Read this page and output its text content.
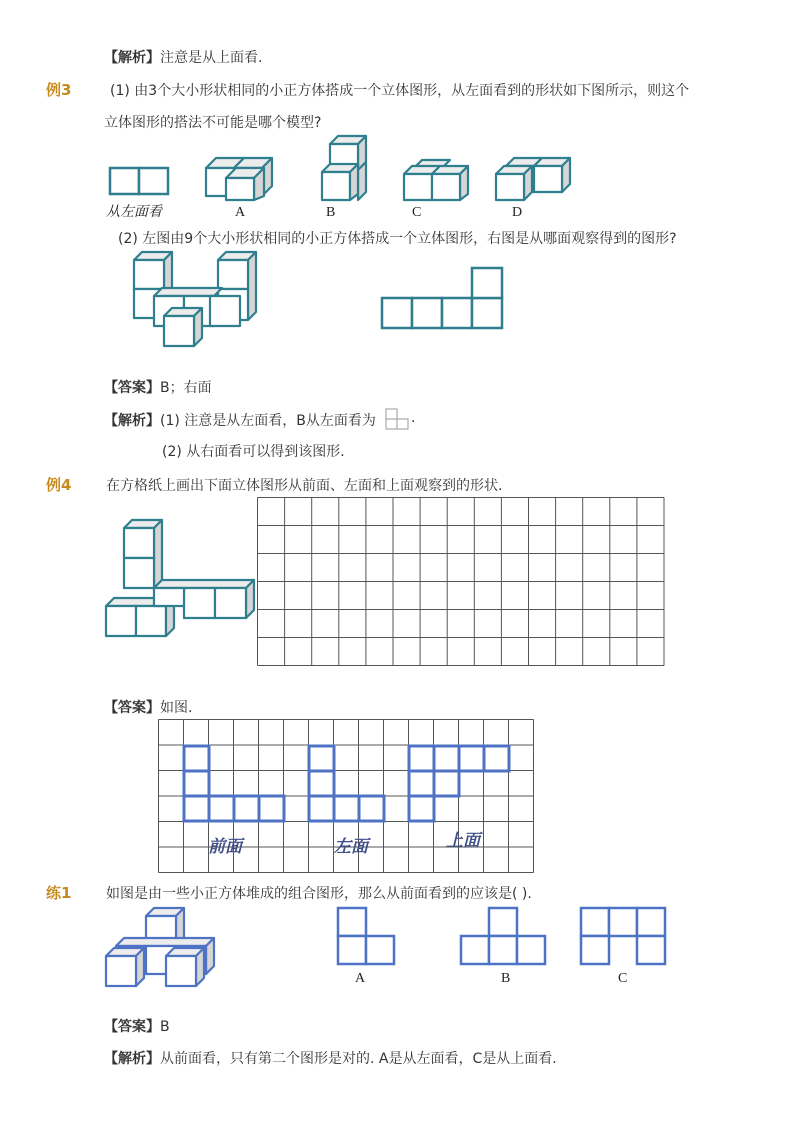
【解析】注意是从上面看.
例3	(1) 由3个大小形状相同的小正方体搭成一个立体图形，从左面看到的形状如下图所示，则这个
立体图形的搭法不可能是哪个模型?
从左面看	A	B	C	D
(2) 左图由9个大小形状相同的小正方体搭成一个立体图形，右图是从哪面观察得到的图形?
【答案】B；右面
【解析】(1) 注意是从左面看，B从左面看为	.
(2) 从右面看可以得到该图形.
例4 在方格纸上画出下面立体图形从前面、左面和上面观察到的形状.
【答案】如图.
前面	左面	上面
练1 如图是由一些小正方体堆成的组合图形，那么从前面看到的应该是( ).
A	B	C
【答案】B
【解析】从前面看，只有第二个图形是对的. A是从左面看，C是从上面看.
